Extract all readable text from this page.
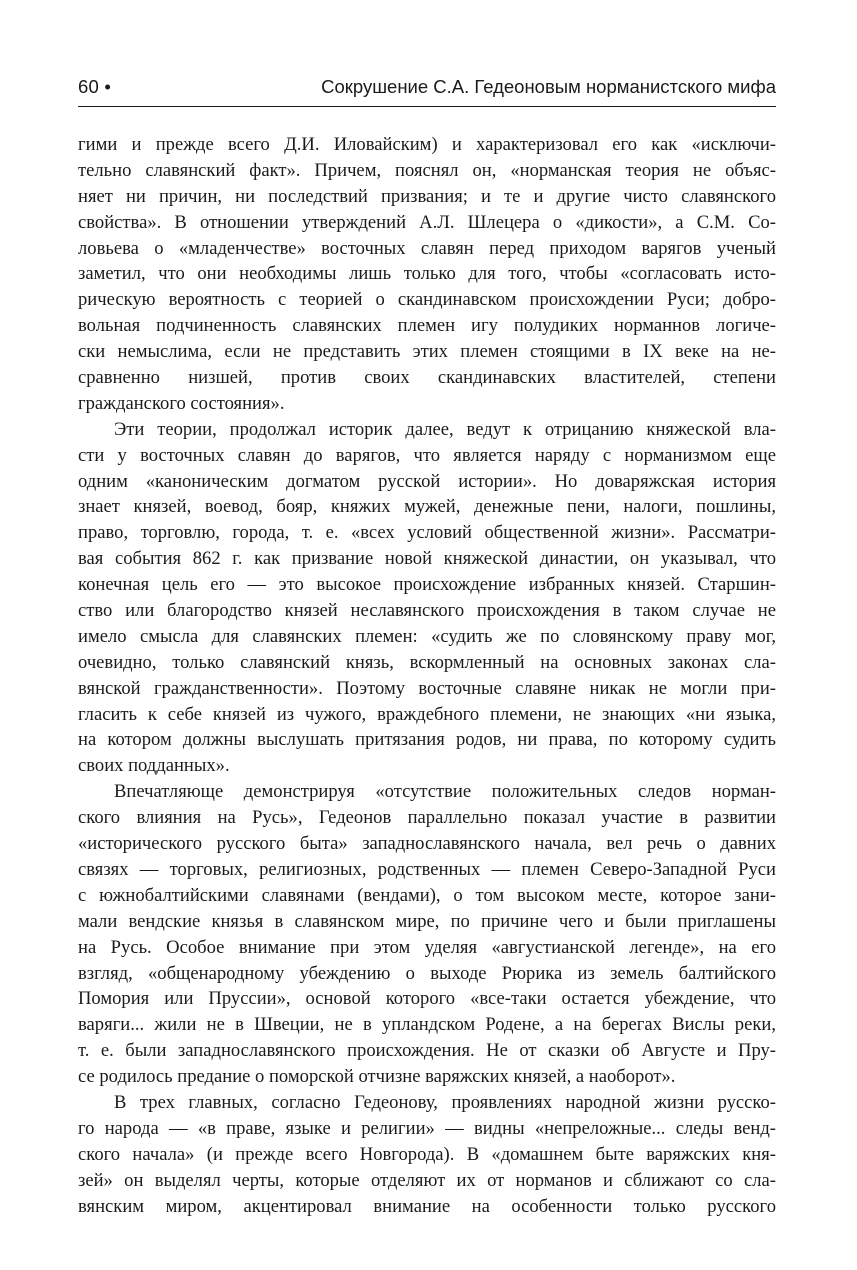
60 •	Сокрушение С.А. Гедеоновым норманистского мифа
гими и прежде всего Д.И. Иловайским) и характеризовал его как «исключи-
тельно славянский факт». Причем, пояснял он, «норманская теория не объяс-
няет ни причин, ни последствий призвания; и те и другие чисто славянского
свойства». В отношении утверждений А.Л. Шлецера о «дикости», а С.М. Со-
ловьева о «младенчестве» восточных славян перед приходом варягов ученый
заметил, что они необходимы лишь только для того, чтобы «согласовать исто-
рическую вероятность с теорией о скандинавском происхождении Руси; добро-
вольная подчиненность славянских племен игу полудиких норманнов логиче-
ски немыслима, если не представить этих племен стоящими в IX веке на не-
сравненно низшей, против своих скандинавских властителей, степени
гражданского состояния».
Эти теории, продолжал историк далее, ведут к отрицанию княжеской вла-
сти у восточных славян до варягов, что является наряду с норманизмом еще
одним «каноническим догматом русской истории». Но доваряжская история
знает князей, воевод, бояр, княжих мужей, денежные пени, налоги, пошлины,
право, торговлю, города, т. е. «всех условий общественной жизни». Рассматри-
вая события 862 г. как призвание новой княжеской династии, он указывал, что
конечная цель его — это высокое происхождение избранных князей. Старшин-
ство или благородство князей неславянского происхождения в таком случае не
имело смысла для славянских племен: «судить же по словянскому праву мог,
очевидно, только славянский князь, вскормленный на основных законах сла-
вянской гражданственности». Поэтому восточные славяне никак не могли при-
гласить к себе князей из чужого, враждебного племени, не знающих «ни языка,
на котором должны выслушать притязания родов, ни права, по которому судить
своих подданных».
Впечатляюще демонстрируя «отсутствие положительных следов норман-
ского влияния на Русь», Гедеонов параллельно показал участие в развитии
«исторического русского быта» западнославянского начала, вел речь о давних
связях — торговых, религиозных, родственных — племен Северо-Западной Руси
с южнобалтийскими славянами (вендами), о том высоком месте, которое зани-
мали вендские князья в славянском мире, по причине чего и были приглашены
на Русь. Особое внимание при этом уделяя «августианской легенде», на его
взгляд, «общенародному убеждению о выходе Рюрика из земель балтийского
Помория или Пруссии», основой которого «все-таки остается убеждение, что
варяги... жили не в Швеции, не в упландском Родене, а на берегах Вислы реки,
т. е. были западнославянского происхождения. Не от сказки об Августе и Пру-
се родилось предание о поморской отчизне варяжских князей, а наоборот».
В трех главных, согласно Гедеонову, проявлениях народной жизни русско-
го народа — «в праве, языке и религии» — видны «непреложные... следы венд-
ского начала» (и прежде всего Новгорода). В «домашнем быте варяжских кня-
зей» он выделял черты, которые отделяют их от норманов и сближают со сла-
вянским миром, акцентировал внимание на особенности только русского
